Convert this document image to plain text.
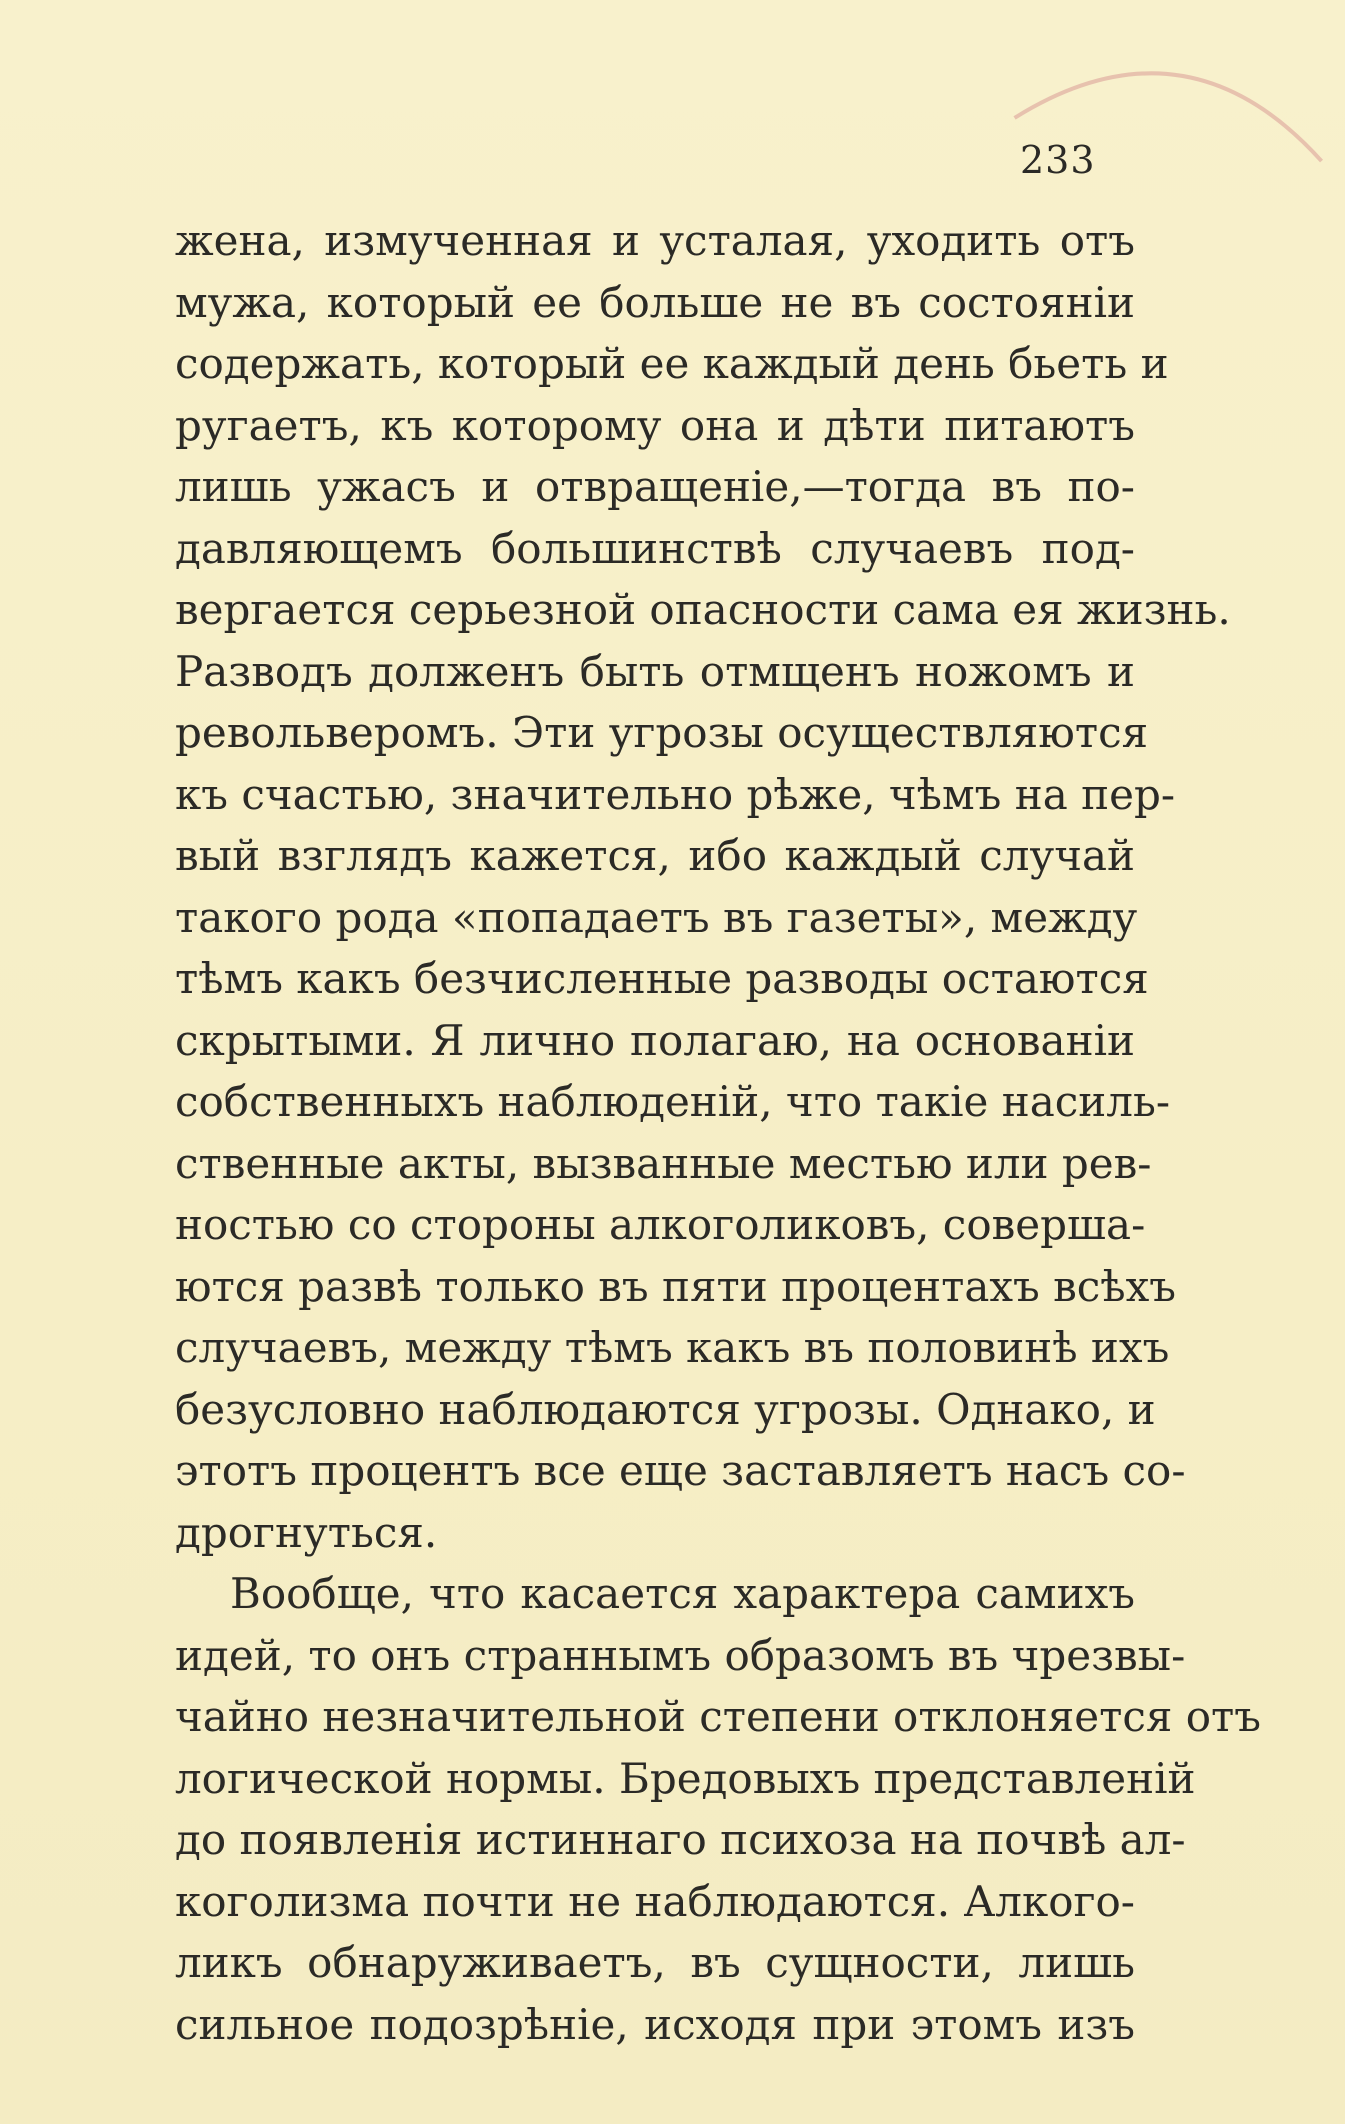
233
жена, измученная и усталая, уходить отъ
мужа, который ее больше не въ состояніи
содержать, который ее каждый день бьеть и
ругаетъ, къ которому она и дѣти питаютъ
лишь ужасъ и отвращеніе,—тогда въ по-
давляющемъ большинствѣ случаевъ под-
вергается серьезной опасности сама ея жизнь.
Разводъ долженъ быть отмщенъ ножомъ и
револьверомъ. Эти угрозы осуществляются
къ счастью, значительно рѣже, чѣмъ на пер-
вый взглядъ кажется, ибо каждый случай
такого рода «попадаетъ въ газеты», между
тѣмъ какъ безчисленные разводы остаются
скрытыми. Я лично полагаю, на основаніи
собственныхъ наблюденій, что такіе насиль-
ственные акты, вызванные местью или рев-
ностью со стороны алкоголиковъ, соверша-
ются развѣ только въ пяти процентахъ всѣхъ
случаевъ, между тѣмъ какъ въ половинѣ ихъ
безусловно наблюдаются угрозы. Однако, и
этотъ процентъ все еще заставляетъ насъ со-
дрогнуться.
Вообще, что касается характера самихъ
идей, то онъ страннымъ образомъ въ чрезвы-
чайно незначительной степени отклоняется отъ
логической нормы. Бредовыхъ представленій
до появленія истиннаго психоза на почвѣ ал-
коголизма почти не наблюдаются. Алкого-
ликъ обнаруживаетъ, въ сущности, лишь
сильное подозрѣніе, исходя при этомъ изъ
